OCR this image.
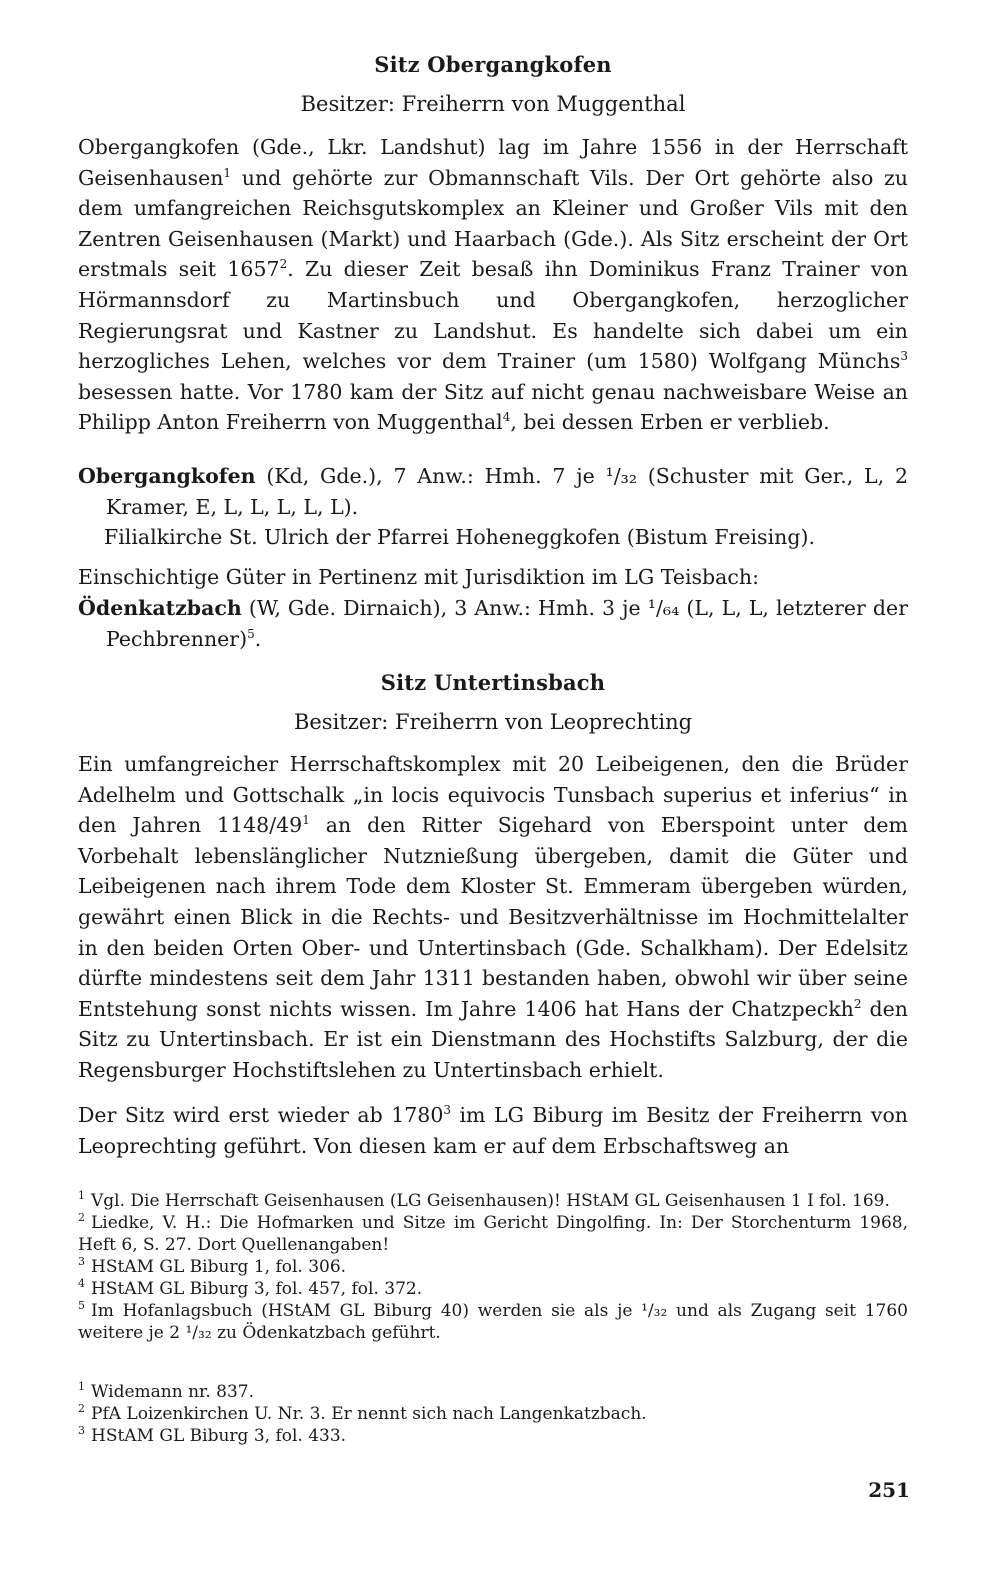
Sitz Obergangkofen

Besitzer: Freiherrn von Muggenthal

Obergangkofen (Gde., Lkr. Landshut) lag im Jahre 1556 in der Herrschaft Geisenhausen$^1$ und gehörte zur Obmannschaft Vils. Der Ort gehörte also zu dem umfangreichen Reichsgutskomplex an Kleiner und Großer Vils mit den Zentren Geisenhausen (Markt) und Haarbach (Gde.). Als Sitz erscheint der Ort erstmals seit 1657$^2$. Zu dieser Zeit besaß ihn Dominikus Franz Trainer von Hörmannsdorf zu Martinsbuch und Obergangkofen, herzoglicher Regierungsrat und Kastner zu Landshut. Es handelte sich dabei um ein herzogliches Lehen, welches vor dem Trainer (um 1580) Wolfgang Münchs$^3$ besessen hatte. Vor 1780 kam der Sitz auf nicht genau nachweisbare Weise an Philipp Anton Freiherrn von Muggenthal$^4$, bei dessen Erben er verblieb.

Obergangkofen (Kd, Gde.), 7 Anw.: Hmh. 7 je ¹/₃₂ (Schuster mit Ger., L, 2 Kramer, E, L, L, L, L, L).

Filialkirche St. Ulrich der Pfarrei Hoheneggkofen (Bistum Freising).

Einschichtige Güter in Pertinenz mit Jurisdiktion im LG Teisbach:

Ödenkatzbach (W, Gde. Dirnaich), 3 Anw.: Hmh. 3 je ¹/₆₄ (L, L, L, letzterer der Pechbrenner)$^5$.

Sitz Untertinsbach

Besitzer: Freiherrn von Leoprechting

Ein umfangreicher Herrschaftskomplex mit 20 Leibeigenen, den die Brüder Adelhelm und Gottschalk „in locis equivocis Tunsbach superius et inferius“ in den Jahren $1148/49^1$ an den Ritter Sigehard von Eberspoint unter dem Vorbehalt lebenslänglicher Nutznießung übergeben, damit die Güter und Leibeigenen nach ihrem Tode dem Kloster St. Emmeram übergeben würden, gewährt einen Blick in die Rechts- und Besitzverhältnisse im Hochmittelalter in den beiden Orten Ober- und Untertinsbach (Gde. Schalkham). Der Edelsitz dürfte mindestens seit dem Jahr 1311 bestanden haben, obwohl wir über seine Entstehung sonst nichts wissen. Im Jahre 1406 hat Hans der Chatzpeckh$^2$ den Sitz zu Untertinsbach. Er ist ein Dienstmann des Hochstifts Salzburg, der die Regensburger Hochstiftslehen zu Untertinsbach erhielt.

Der Sitz wird erst wieder ab 1780$^3$ im LG Biburg im Besitz der Freiherrn von Leoprechting geführt. Von diesen kam er auf dem Erbschaftsweg an

$^1$ Vgl. Die Herrschaft Geisenhausen (LG Geisenhausen)! HStAM GL Geisenhausen 1 I fol. 169.

$^2$ Liedke, V. H.: Die Hofmarken und Sitze im Gericht Dingolfing. In: Der Storchenturm 1968, Heft 6, S. 27. Dort Quellenangaben!

$^3$ HStAM GL Biburg 1, fol. 306.

$^4$ HStAM GL Biburg 3, fol. 457, fol. 372.

$^5$ Im Hofanlagsbuch (HStAM GL Biburg 40) werden sie als je ¹/₃₂ und als Zugang seit 1760 weitere je 2 ¹/₃₂ zu Ödenkatzbach geführt.

$^1$ Widemann nr. 837.

$^2$ PfA Loizenkirchen U. Nr. 3. Er nennt sich nach Langenkatzbach.

$^3$ HStAM GL Biburg 3, fol. 433.

251
